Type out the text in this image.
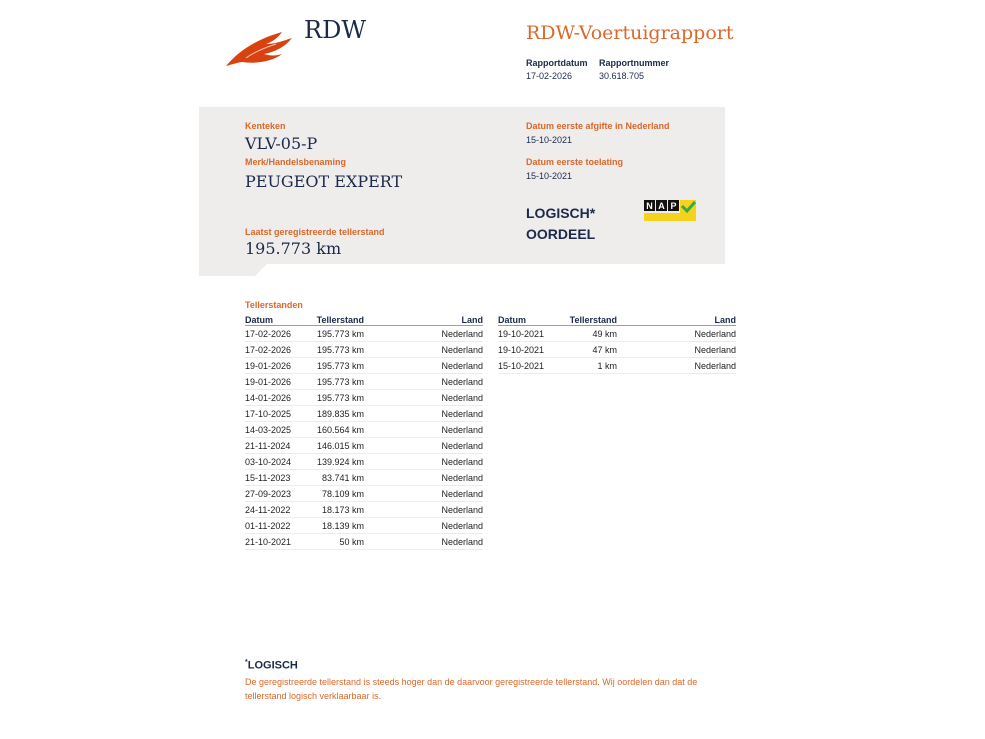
RDW	RDW-Voertuigrapport
Rapportdatum
17-02-2026
Rapportnummer
30.618.705
Kenteken
VLV-05-P
Merk/Handelsbenaming
PEUGEOT EXPERT
Laatst geregistreerde tellerstand
195.773 km
Datum eerste afgifte in Nederland
15-10-2021
Datum eerste toelating
15-10-2021
LOGISCH*
OORDEEL
N A P
Tellerstanden
Datum	Tellerstand	Land
17-02-2026	195.773 km	Nederland
17-02-2026	195.773 km	Nederland
19-01-2026	195.773 km	Nederland
19-01-2026	195.773 km	Nederland
14-01-2026	195.773 km	Nederland
17-10-2025	189.835 km	Nederland
14-03-2025	160.564 km	Nederland
21-11-2024	146.015 km	Nederland
03-10-2024	139.924 km	Nederland
15-11-2023	83.741 km	Nederland
27-09-2023	78.109 km	Nederland
24-11-2022	18.173 km	Nederland
01-11-2022	18.139 km	Nederland
21-10-2021	50 km	Nederland
Datum	Tellerstand	Land
19-10-2021	49 km	Nederland
19-10-2021	47 km	Nederland
15-10-2021	1 km	Nederland
*LOGISCH
De geregistreerde tellerstand is steeds hoger dan de daarvoor geregistreerde tellerstand. Wij oordelen dan dat de tellerstand logisch verklaarbaar is.
